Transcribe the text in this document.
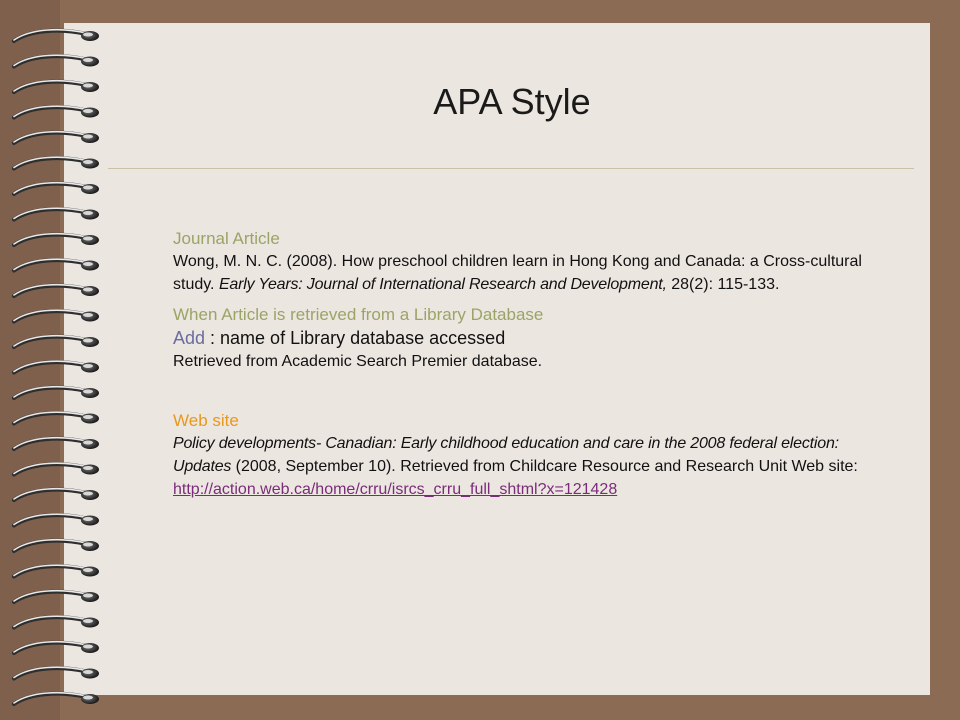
APA Style
Journal Article
Wong, M. N. C. (2008). How preschool children learn in Hong Kong and Canada: a Cross-cultural study. Early Years: Journal of International Research and Development, 28(2): 115-133.
When Article is retrieved from a Library Database
Add : name of Library database accessed
Retrieved from Academic Search Premier database.
Web site
Policy developments- Canadian: Early childhood education and care in the 2008 federal election: Updates (2008, September 10). Retrieved from Childcare Resource and Research Unit Web site:
http://action.web.ca/home/crru/isrcs_crru_full_shtml?x=121428
